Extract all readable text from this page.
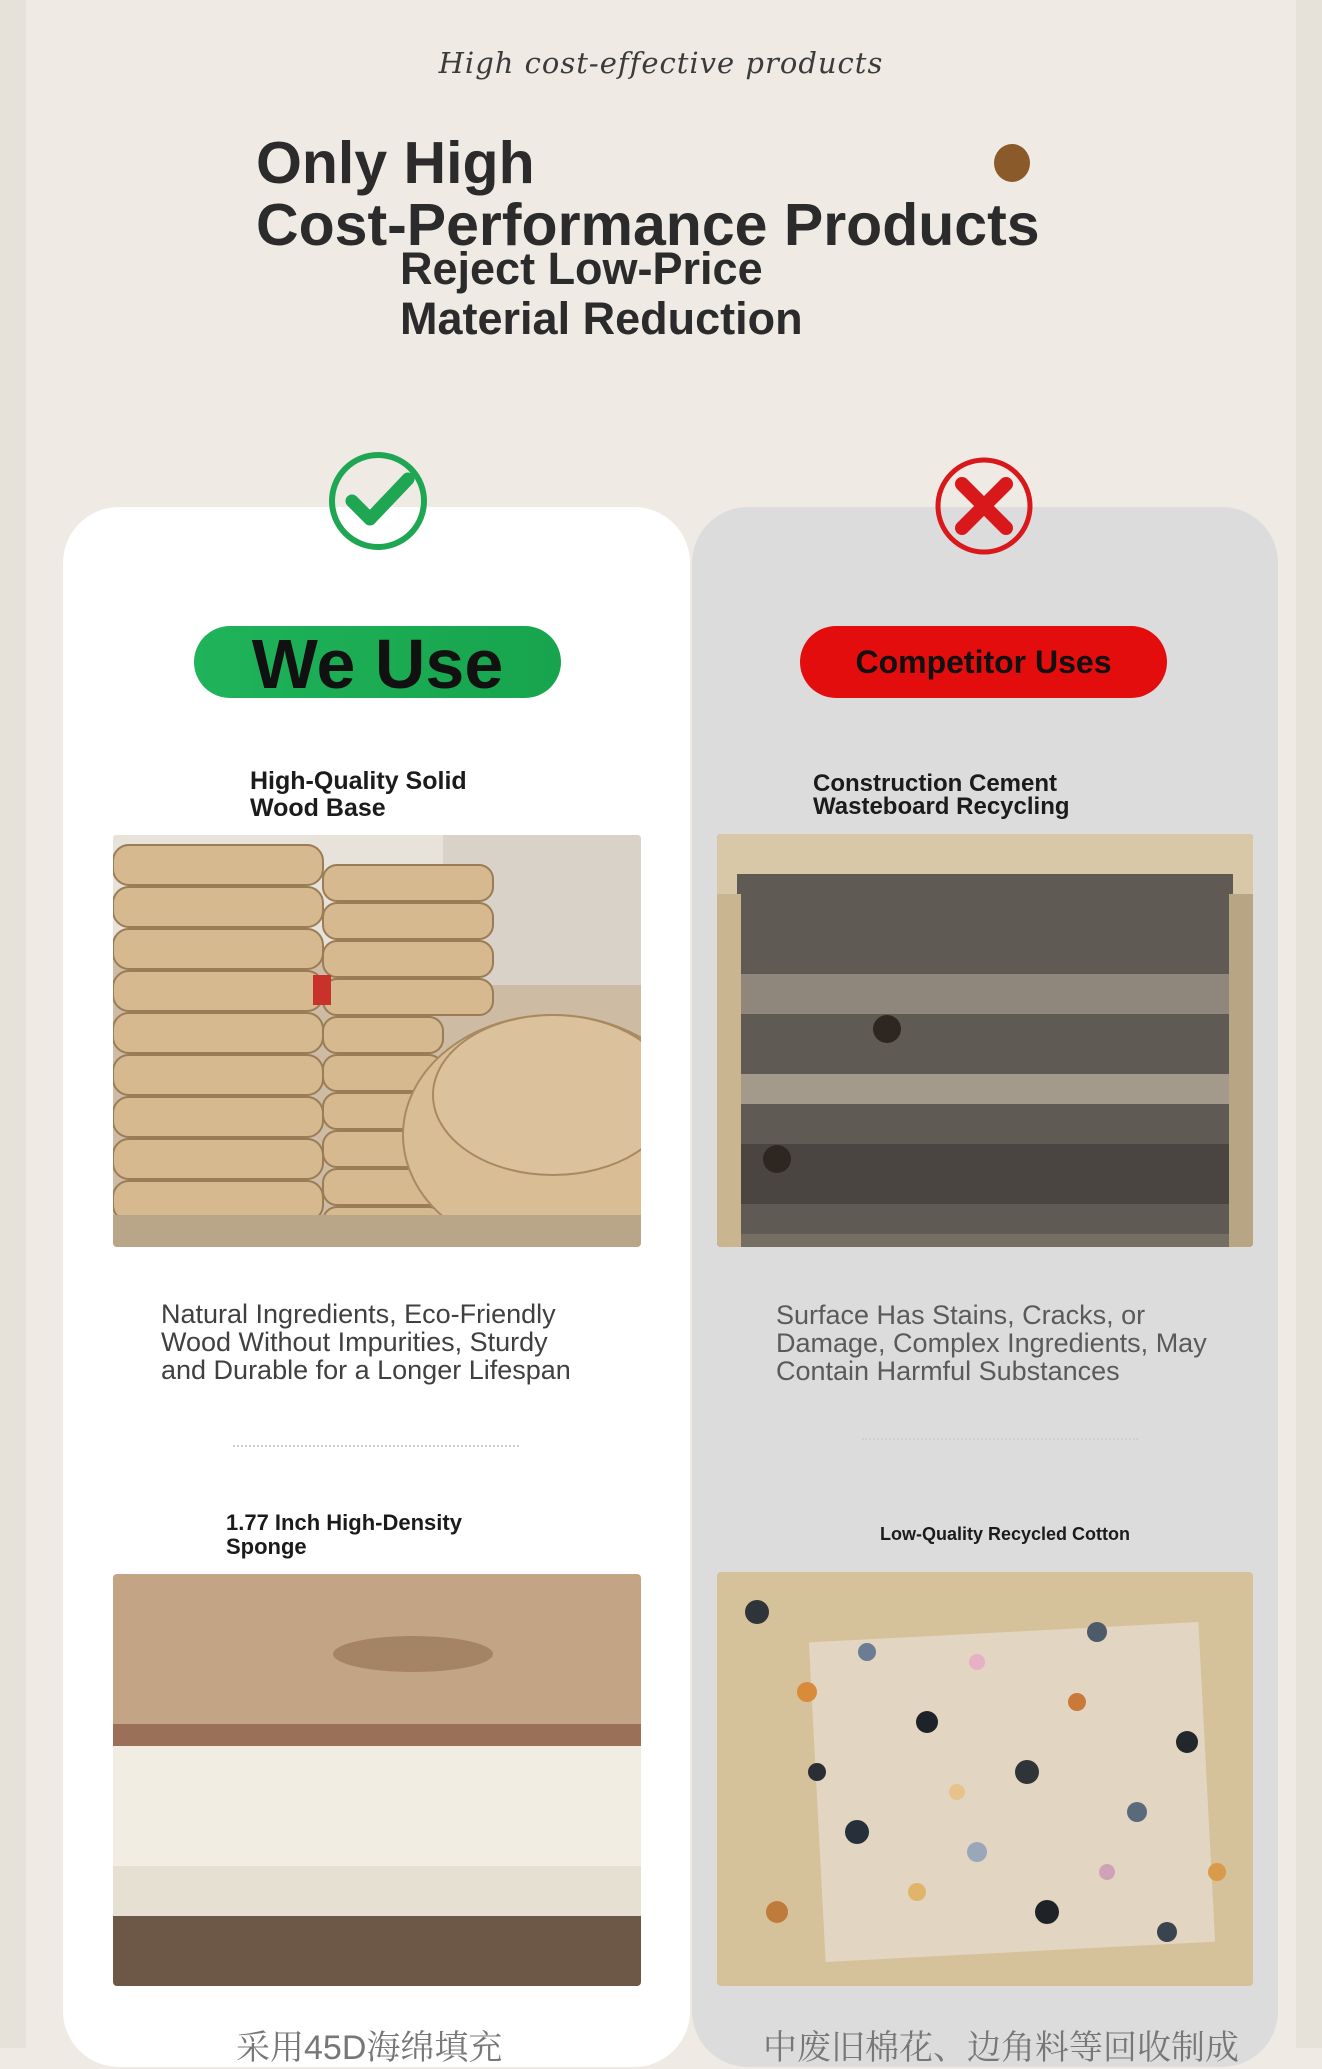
High cost-effective products
Only High
Cost-Performance Products
Reject Low-Price
Material Reduction
We Use
High-Quality Solid
Wood Base
Natural Ingredients, Eco-Friendly
Wood Without Impurities, Sturdy
and Durable for a Longer Lifespan
1.77 Inch High-Density
Sponge
采用45D海绵填充
Competitor Uses
Construction Cement
Wasteboard Recycling
Surface Has Stains, Cracks, or
Damage, Complex Ingredients, May
Contain Harmful Substances
Low-Quality Recycled Cotton
中废旧棉花、边角料等回收制成
